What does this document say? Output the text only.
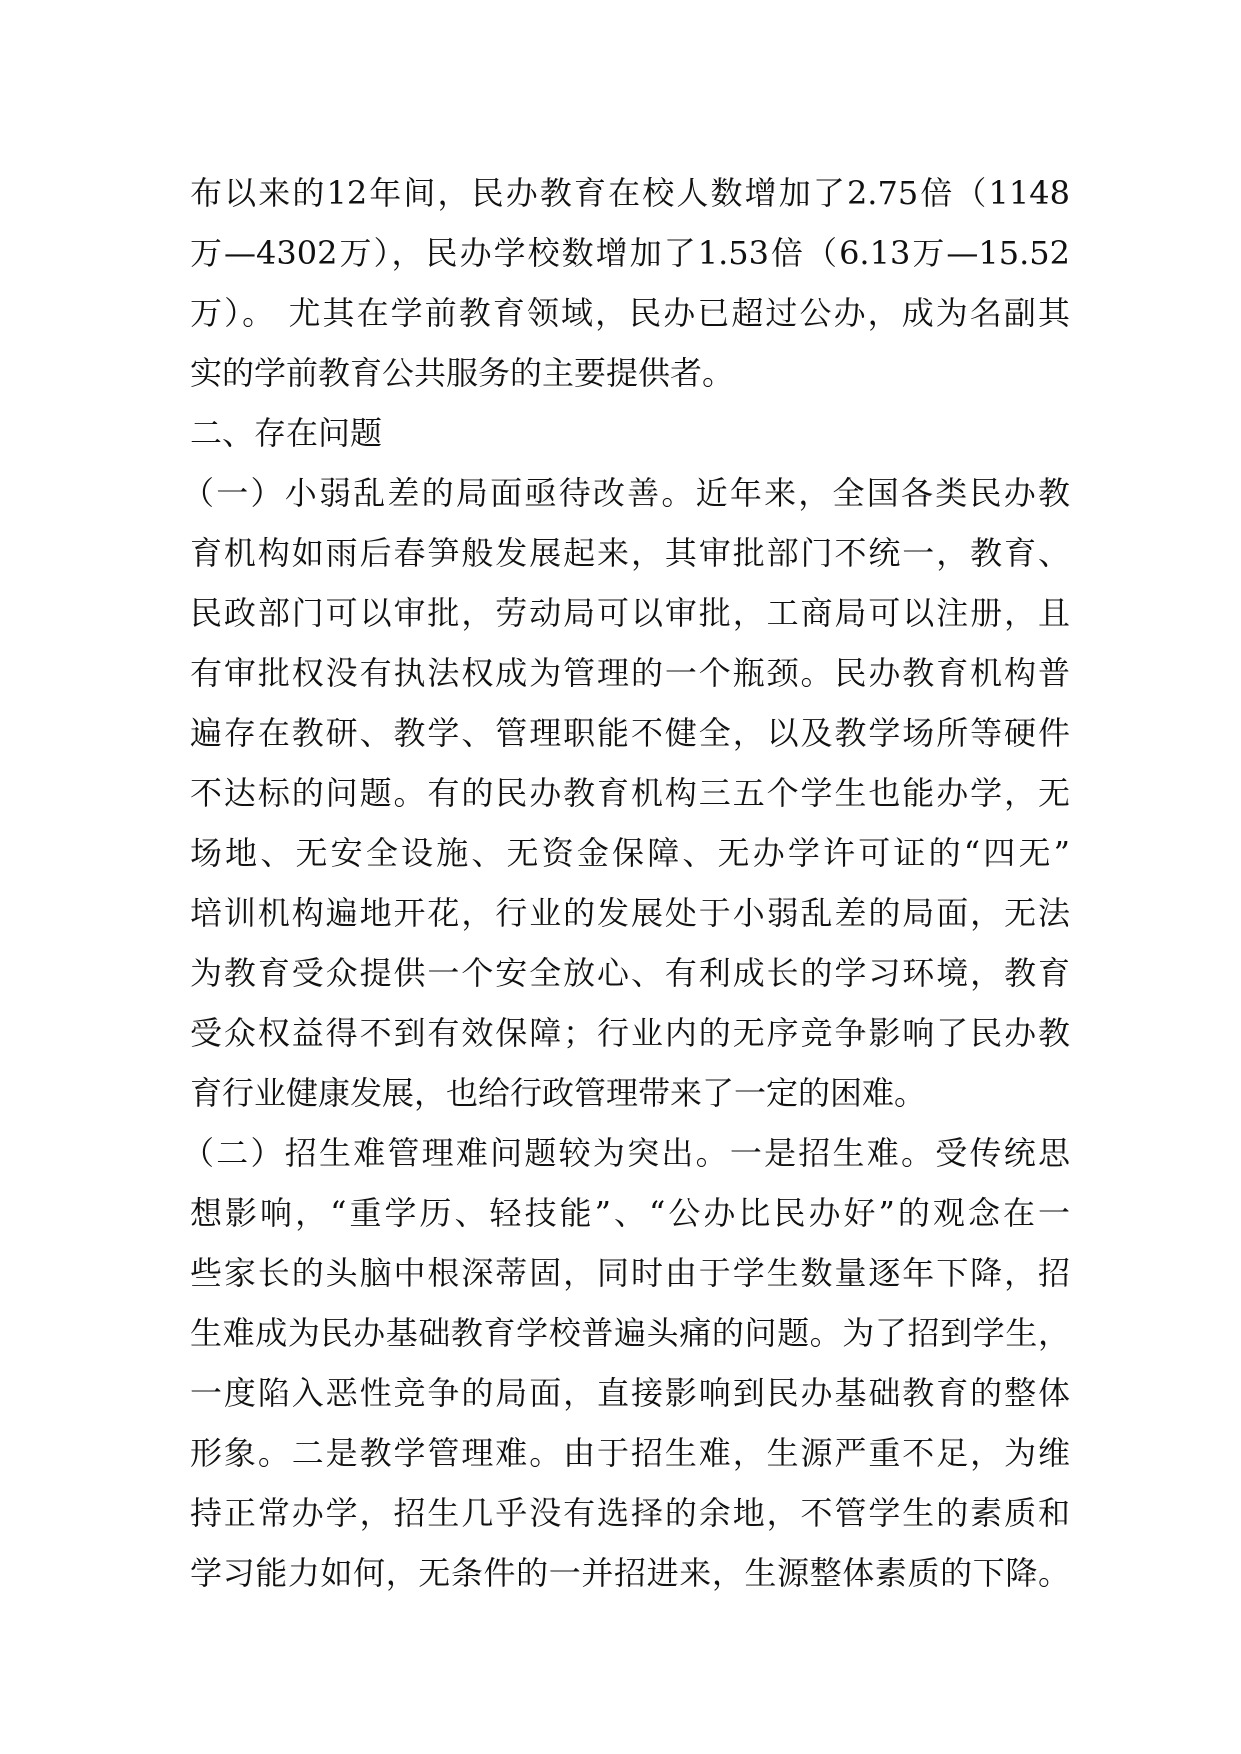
布以来的12年间，民办教育在校人数增加了2.75倍（1148
万—4302万），民办学校数增加了1.53倍（6.13万—15.52
万）。 尤其在学前教育领域，民办已超过公办，成为名副其
实的学前教育公共服务的主要提供者。
二、存在问题
（一）小弱乱差的局面亟待改善。近年来，全国各类民办教
育机构如雨后春笋般发展起来，其审批部门不统一，教育、
民政部门可以审批，劳动局可以审批，工商局可以注册，且
有审批权没有执法权成为管理的一个瓶颈。民办教育机构普
遍存在教研、教学、管理职能不健全，以及教学场所等硬件
不达标的问题。有的民办教育机构三五个学生也能办学，无
场地、无安全设施、无资金保障、无办学许可证的“四无”
培训机构遍地开花，行业的发展处于小弱乱差的局面，无法
为教育受众提供一个安全放心、有利成长的学习环境，教育
受众权益得不到有效保障；行业内的无序竞争影响了民办教
育行业健康发展，也给行政管理带来了一定的困难。
（二）招生难管理难问题较为突出。一是招生难。受传统思
想影响，“重学历、轻技能”、“公办比民办好”的观念在一
些家长的头脑中根深蒂固，同时由于学生数量逐年下降，招
生难成为民办基础教育学校普遍头痛的问题。为了招到学生，
一度陷入恶性竞争的局面，直接影响到民办基础教育的整体
形象。二是教学管理难。由于招生难，生源严重不足，为维
持正常办学，招生几乎没有选择的余地，不管学生的素质和
学习能力如何，无条件的一并招进来，生源整体素质的下降。
